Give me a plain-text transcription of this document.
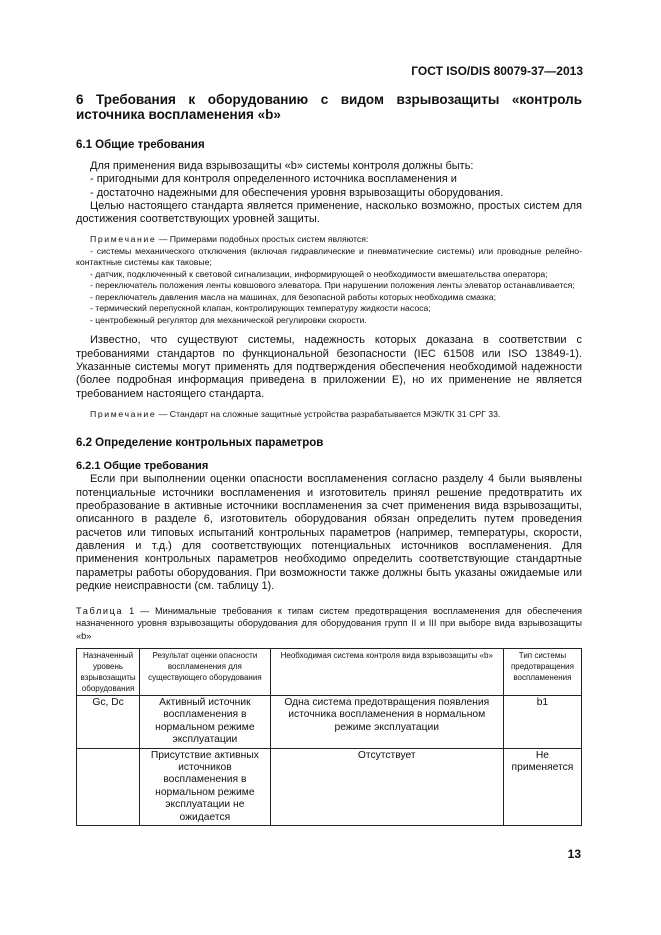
ГОСТ ISO/DIS 80079-37—2013

6 Требования к оборудованию с видом взрывозащиты «контроль источника воспламенения «b»

6.1 Общие требования

Для применения вида взрывозащиты «b» системы контроля должны быть:

- пригодными для контроля определенного источника воспламенения и

- достаточно надежными для обеспечения уровня взрывозащиты оборудования.

Целью настоящего стандарта является применение, насколько возможно, простых систем для достижения соответствующих уровней защиты.

Примечание — Примерами подобных простых систем являются:

- системы механического отключения (включая гидравлические и пневматические системы) или проводные релейно-контактные системы как таковые;

- датчик, подключенный к световой сигнализации, информирующей о необходимости вмешательства оператора;

- переключатель положения ленты ковшового элеватора. При нарушении положения ленты элеватор останавливается;

- переключатель давления масла на машинах, для безопасной работы которых необходима смазка;

- термический перепускной клапан, контролирующих температуру жидкости насоса;

- центробежный регулятор для механической регулировки скорости.

Известно, что существуют системы, надежность которых доказана в соответствии с требованиями стандартов по функциональной безопасности (IEC 61508 или ISO 13849-1). Указанные системы могут применять для подтверждения обеспечения необходимой надежности (более подробная информация приведена в приложении E), но их применение не является требованием настоящего стандарта.

Примечание — Стандарт на сложные защитные устройства разрабатывается МЭК/ТК 31 СРГ 33.

6.2 Определение контрольных параметров

6.2.1 Общие требования

Если при выполнении оценки опасности воспламенения согласно разделу 4 были выявлены потенциальные источники воспламенения и изготовитель принял решение предотвратить их преобразование в активные источники воспламенения за счет применения вида взрывозащиты, описанного в разделе 6, изготовитель оборудования обязан определить путем проведения расчетов или типовых испытаний контрольных параметров (например, температуры, скорости, давления и т.д.) для соответствующих потенциальных источников воспламенения. Для применения контрольных параметров необходимо определить соответствующие стандартные параметры работы оборудования. При возможности также должны быть указаны ожидаемые или редкие неисправности (см. таблицу 1).

Таблица 1 — Минимальные требования к типам систем предотвращения воспламенения для обеспечения назначенного уровня взрывозащиты оборудования для оборудования групп II и III при выборе вида взрывозащиты «b»

Назначенный уровень взрывозащиты оборудования	Результат оценки опасности воспламенения для существующего оборудования	Необходимая система контроля вида взрывозащиты «b»	Тип системы предотвращения воспламенения
Gc, Dc	Активный источник воспламенения в нормальном режиме эксплуатации	Одна система предотвращения появления источника воспламенения в нормальном режиме эксплуатации	b1
	Присутствие активных источников воспламенения в нормальном режиме эксплуатации не ожидается	Отсутствует	Не применяется
13
